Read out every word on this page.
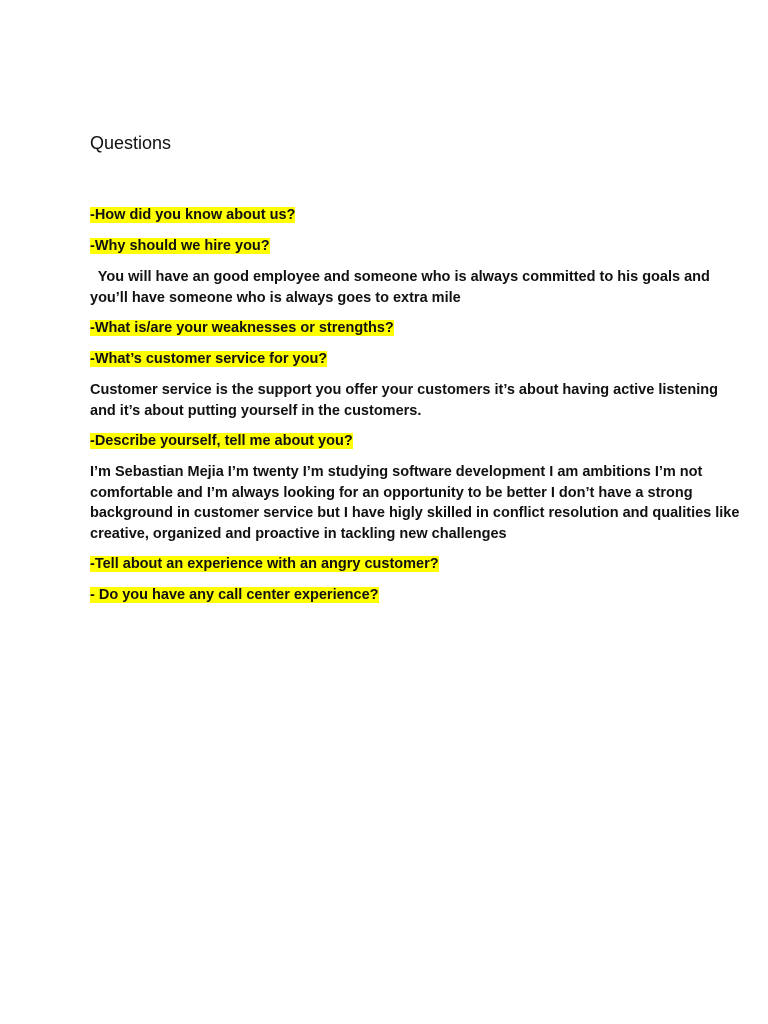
Questions

-How did you know about us?

-Why should we hire you?

You will have an good employee and someone who is always committed to his goals and
you’ll have someone who is always goes to extra mile

-What is/are your weaknesses or strengths?

-What’s customer service for you?

Customer service is the support you offer your customers it’s about having active listening
and it’s about putting yourself in the customers.

-Describe yourself, tell me about you?

I’m Sebastian Mejia I’m twenty I’m studying software development I am ambitions I’m not
comfortable and I’m always looking for an opportunity to be better I don’t have a strong
background in customer service but I have higly skilled in conflict resolution and qualities like
creative, organized and proactive in tackling new challenges

-Tell about an experience with an angry customer?

- Do you have any call center experience?
